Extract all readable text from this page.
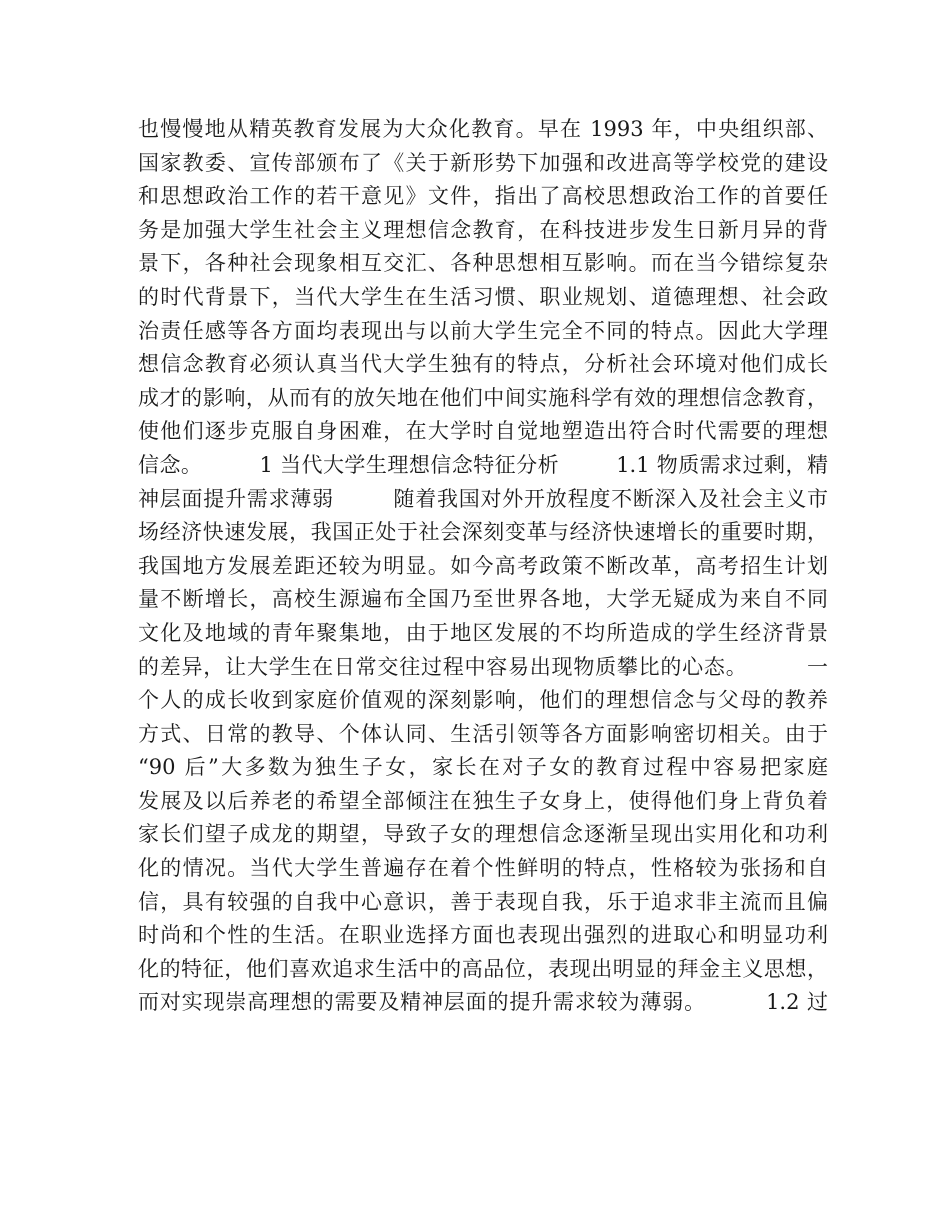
也慢慢地从精英教育发展为大众化教育。早在 1993 年，中央组织部、
国家教委、宣传部颁布了《关于新形势下加强和改进高等学校党的建设
和思想政治工作的若干意见》文件，指出了高校思想政治工作的首要任
务是加强大学生社会主义理想信念教育，在科技进步发生日新月异的背
景下，各种社会现象相互交汇、各种思想相互影响。而在当今错综复杂
的时代背景下，当代大学生在生活习惯、职业规划、道德理想、社会政
治责任感等各方面均表现出与以前大学生完全不同的特点。因此大学理
想信念教育必须认真当代大学生独有的特点，分析社会环境对他们成长
成才的影响，从而有的放矢地在他们中间实施科学有效的理想信念教育，
使他们逐步克服自身困难，在大学时自觉地塑造出符合时代需要的理想
信念。        1 当代大学生理想信念特征分析        1.1 物质需求过剩，精
神层面提升需求薄弱        随着我国对外开放程度不断深入及社会主义市
场经济快速发展，我国正处于社会深刻变革与经济快速增长的重要时期，
我国地方发展差距还较为明显。如今高考政策不断改革，高考招生计划
量不断增长，高校生源遍布全国乃至世界各地，大学无疑成为来自不同
文化及地域的青年聚集地，由于地区发展的不均所造成的学生经济背景
的差异，让大学生在日常交往过程中容易出现物质攀比的心态。        一
个人的成长收到家庭价值观的深刻影响，他们的理想信念与父母的教养
方式、日常的教导、个体认同、生活引领等各方面影响密切相关。由于
“90 后”大多数为独生子女，家长在对子女的教育过程中容易把家庭
发展及以后养老的希望全部倾注在独生子女身上，使得他们身上背负着
家长们望子成龙的期望，导致子女的理想信念逐渐呈现出实用化和功利
化的情况。当代大学生普遍存在着个性鲜明的特点，性格较为张扬和自
信，具有较强的自我中心意识，善于表现自我，乐于追求非主流而且偏
时尚和个性的生活。在职业选择方面也表现出强烈的进取心和明显功利
化的特征，他们喜欢追求生活中的高品位，表现出明显的拜金主义思想，
而对实现崇高理想的需要及精神层面的提升需求较为薄弱。        1.2 过
